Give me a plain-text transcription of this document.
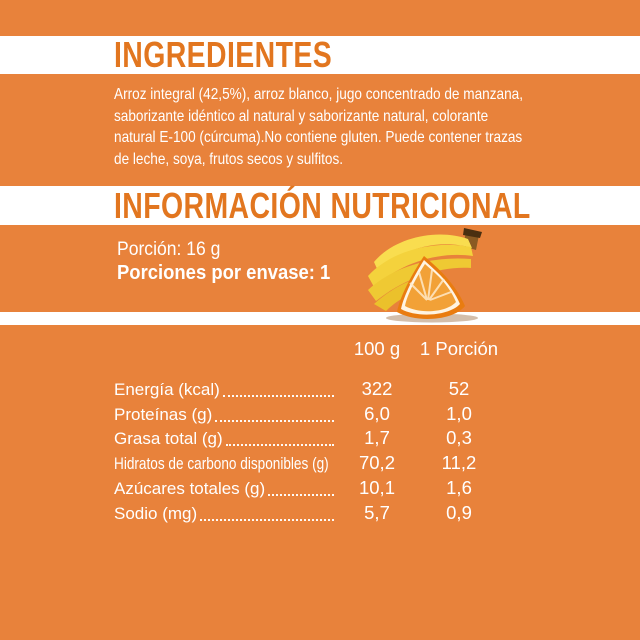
INGREDIENTES

Arroz integral (42,5%), arroz blanco, jugo concentrado de manzana, saborizante idéntico al natural y saborizante natural, colorante natural E-100 (cúrcuma).No contiene gluten. Puede contener trazas de leche, soya, frutos secos y sulfitos.

INFORMACIÓN NUTRICIONAL
Porción: 16 g
Porciones por envase: 1
100 g	1 Porción
Energía (kcal)	322	52
Proteínas (g)	6,0	1,0
Grasa total (g)	1,7	0,3
Hidratos de carbono disponibles (g)	70,2	11,2
Azúcares totales (g)	10,1	1,6
Sodio (mg)	5,7	0,9
